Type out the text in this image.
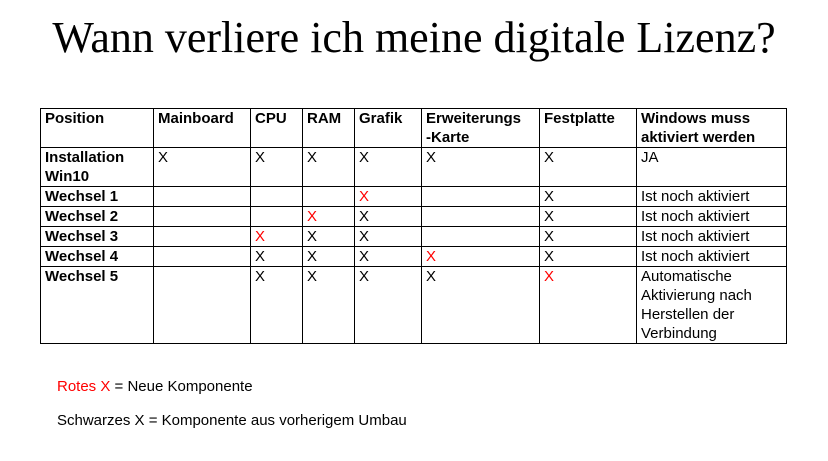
Wann verliere ich meine digitale Lizenz?
Position	Mainboard	CPU	RAM	Grafik	Erweiterungs
-Karte	Festplatte	Windows muss
aktiviert werden
Installation
Win10	X	X	X	X	X	X	JA
Wechsel 1				X		X	Ist noch aktiviert
Wechsel 2			X	X		X	Ist noch aktiviert
Wechsel 3		X	X	X		X	Ist noch aktiviert
Wechsel 4		X	X	X	X	X	Ist noch aktiviert
Wechsel 5		X	X	X	X	X	Automatische
Aktivierung nach
Herstellen der
Verbindung
Rotes X = Neue Komponente
Schwarzes X = Komponente aus vorherigem Umbau
